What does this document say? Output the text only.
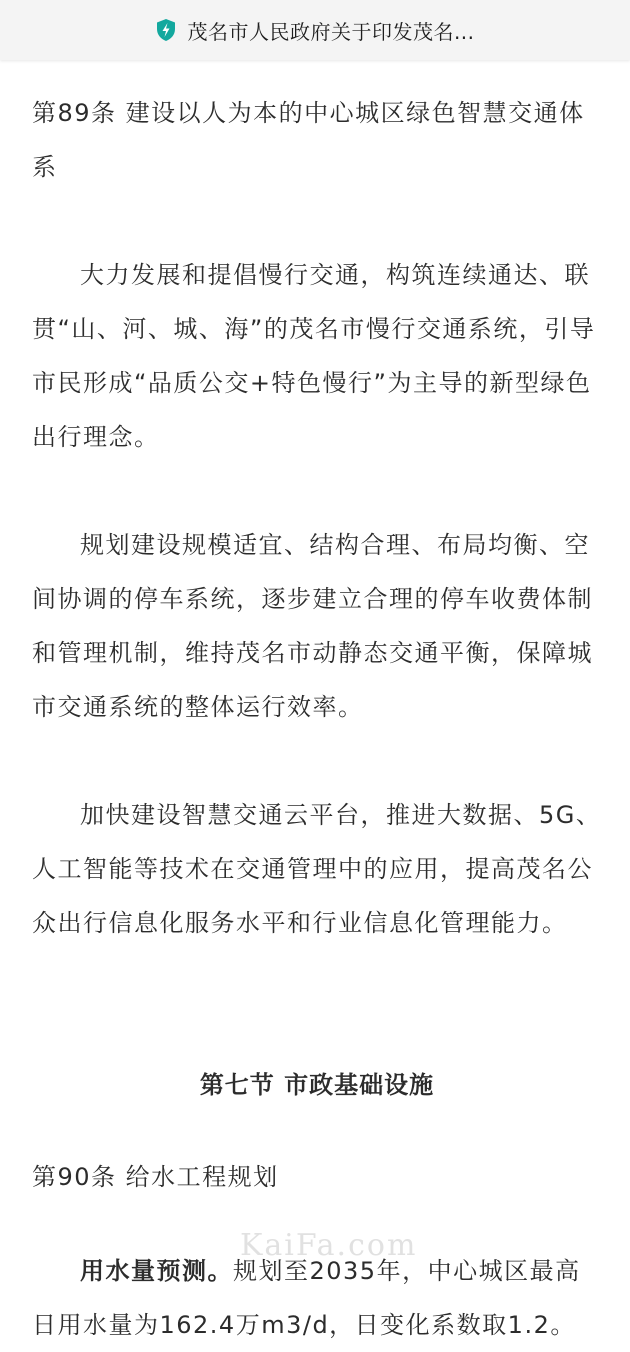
茂名市人民政府关于印发茂名...

第89条 建设以人为本的中心城区绿色智慧交通体系

大力发展和提倡慢行交通，构筑连续通达、联贯“山、河、城、海”的茂名市慢行交通系统，引导市民形成“品质公交+特色慢行”为主导的新型绿色出行理念。

规划建设规模适宜、结构合理、布局均衡、空间协调的停车系统，逐步建立合理的停车收费体制和管理机制，维持茂名市动静态交通平衡，保障城市交通系统的整体运行效率。

加快建设智慧交通云平台，推进大数据、5G、人工智能等技术在交通管理中的应用，提高茂名公众出行信息化服务水平和行业信息化管理能力。

第七节 市政基础设施

第90条 给水工程规划

用水量预测。规划至2035年，中心城区最高日用水量为162.4万m3/d，日变化系数取1.2。

KaiFa.com
